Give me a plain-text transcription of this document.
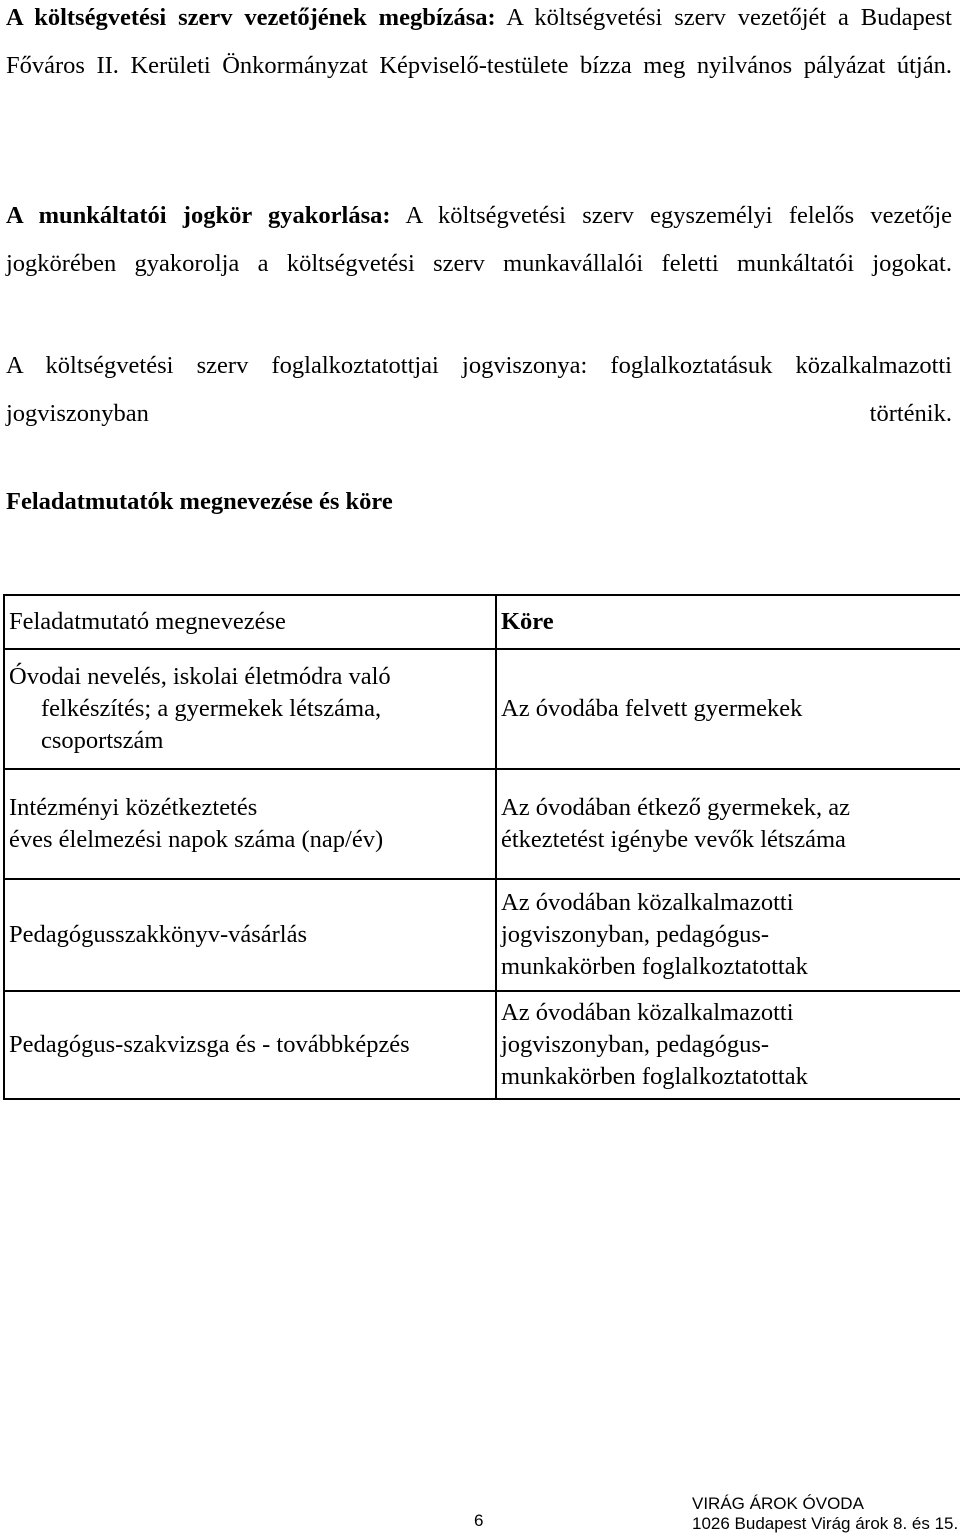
A költségvetési szerv vezetőjének megbízása: A költségvetési szerv vezetőjét a Budapest Főváros II. Kerületi Önkormányzat Képviselő-testülete bízza meg nyilvános pályázat útján.

A munkáltatói jogkör gyakorlása: A költségvetési szerv egyszemélyi felelős vezetője jogkörében gyakorolja a költségvetési szerv munkavállalói feletti munkáltatói jogokat.

A költségvetési szerv foglalkoztatottjai jogviszonya: foglalkoztatásuk közalkalmazotti jogviszonyban történik.

Feladatmutatók megnevezése és köre
Feladatmutató megnevezése	Köre
Óvodai nevelés, iskolai életmódra való felkészítés; a gyermekek létszáma, csoportszám	Az óvodába felvett gyermekek
Intézményi közétkeztetés
éves élelmezési napok száma (nap/év)	Az óvodában étkező gyermekek, az
étkeztetést igénybe vevők létszáma
Pedagógusszakkönyv-vásárlás	Az óvodában közalkalmazotti
jogviszonyban, pedagógus-
munkakörben foglalkoztatottak
Pedagógus-szakvizsga és - továbbképzés	Az óvodában közalkalmazotti
jogviszonyban, pedagógus-
munkakörben foglalkoztatottak
6
VIRÁG ÁROK ÓVODA
1026 Budapest Virág árok 8. és 15.
